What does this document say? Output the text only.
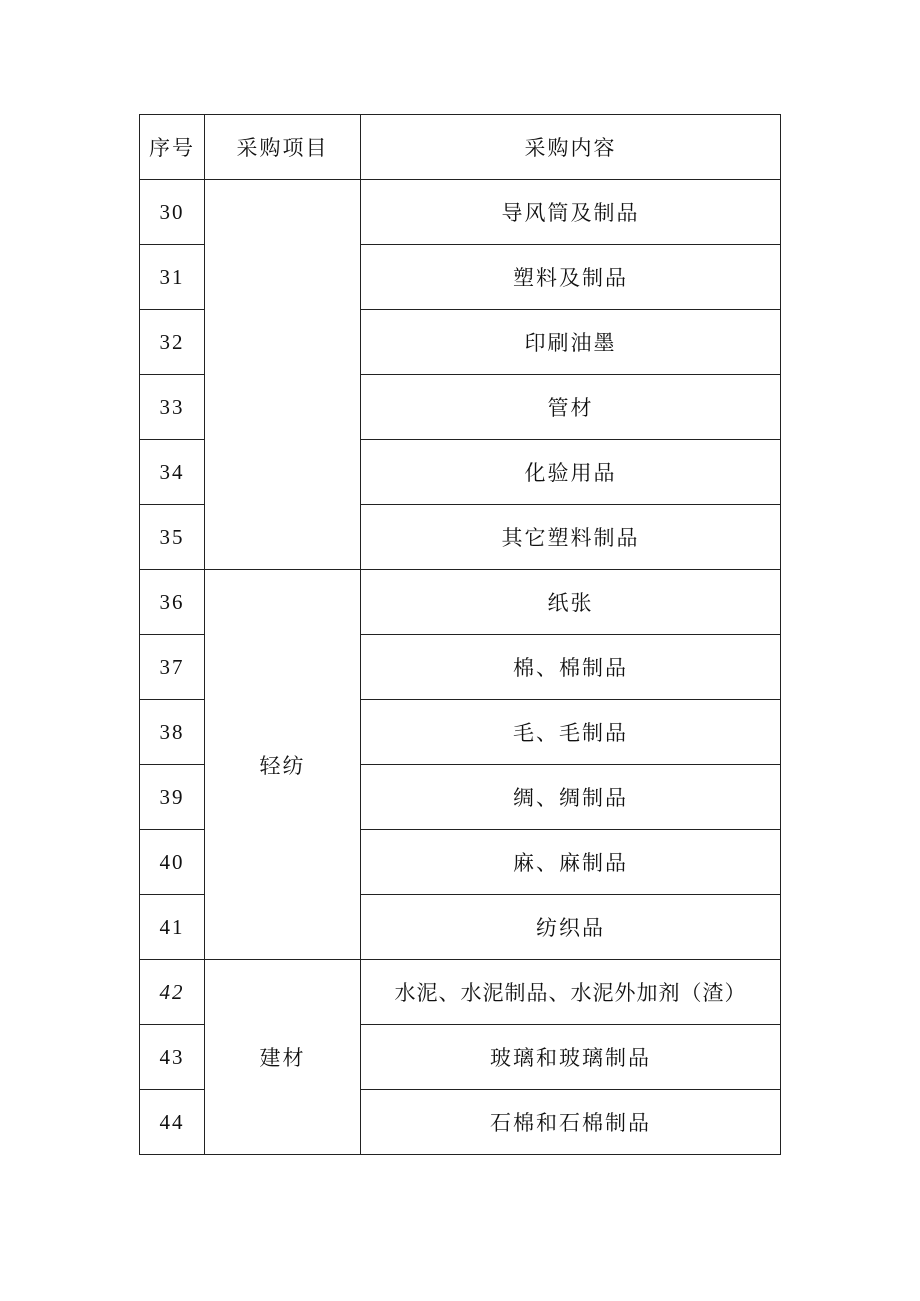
序号	采购项目	采购内容
30		导风筒及制品
31		塑料及制品
32		印刷油墨
33		管材
34		化验用品
35		其它塑料制品
36	轻纺	纸张
37		棉、棉制品
38		毛、毛制品
39		绸、绸制品
40		麻、麻制品
41		纺织品
42	建材	水泥、水泥制品、水泥外加剂（渣）
43		玻璃和玻璃制品
44		石棉和石棉制品
